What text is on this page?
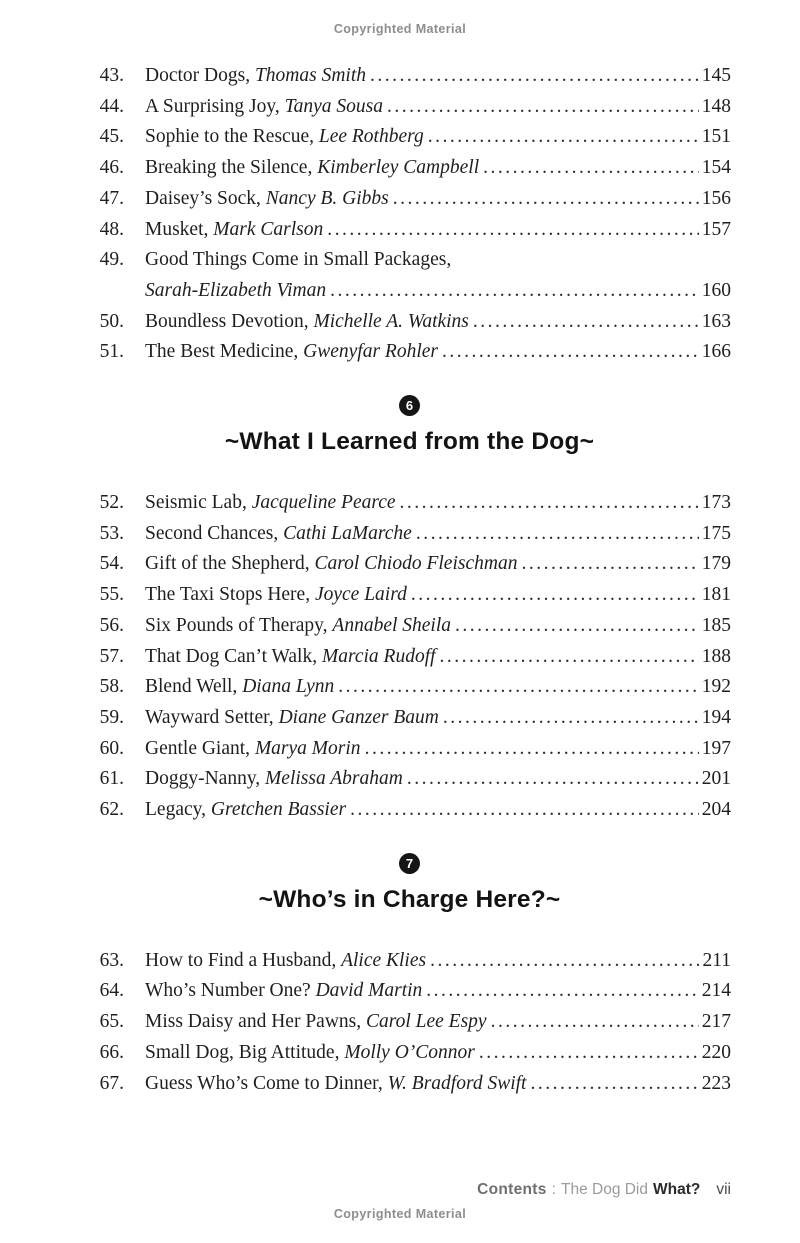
Copyrighted Material
43. Doctor Dogs, Thomas Smith .....	145
44. A Surprising Joy, Tanya Sousa .....	148
45. Sophie to the Rescue, Lee Rothberg .....	151
46. Breaking the Silence, Kimberley Campbell .....	154
47. Daisey’s Sock, Nancy B. Gibbs .....	156
48. Musket, Mark Carlson .....	157
49. Good Things Come in Small Packages,
Sarah-Elizabeth Viman .....	160
50. Boundless Devotion, Michelle A. Watkins .....	163
51. The Best Medicine, Gwenyfar Rohler .....	166
6
~What I Learned from the Dog~
52. Seismic Lab, Jacqueline Pearce .....	173
53. Second Chances, Cathi LaMarche .....	175
54. Gift of the Shepherd, Carol Chiodo Fleischman .....	179
55. The Taxi Stops Here, Joyce Laird .....	181
56. Six Pounds of Therapy, Annabel Sheila .....	185
57. That Dog Can’t Walk, Marcia Rudoff .....	188
58. Blend Well, Diana Lynn .....	192
59. Wayward Setter, Diane Ganzer Baum .....	194
60. Gentle Giant, Marya Morin .....	197
61. Doggy-Nanny, Melissa Abraham .....	201
62. Legacy, Gretchen Bassier .....	204
7
~Who’s in Charge Here?~
63. How to Find a Husband, Alice Klies .....	211
64. Who’s Number One? David Martin .....	214
65. Miss Daisy and Her Pawns, Carol Lee Espy .....	217
66. Small Dog, Big Attitude, Molly O’Connor .....	220
67. Guess Who’s Come to Dinner, W. Bradford Swift .....	223
Contents : The Dog Did What? vii
Copyrighted Material
